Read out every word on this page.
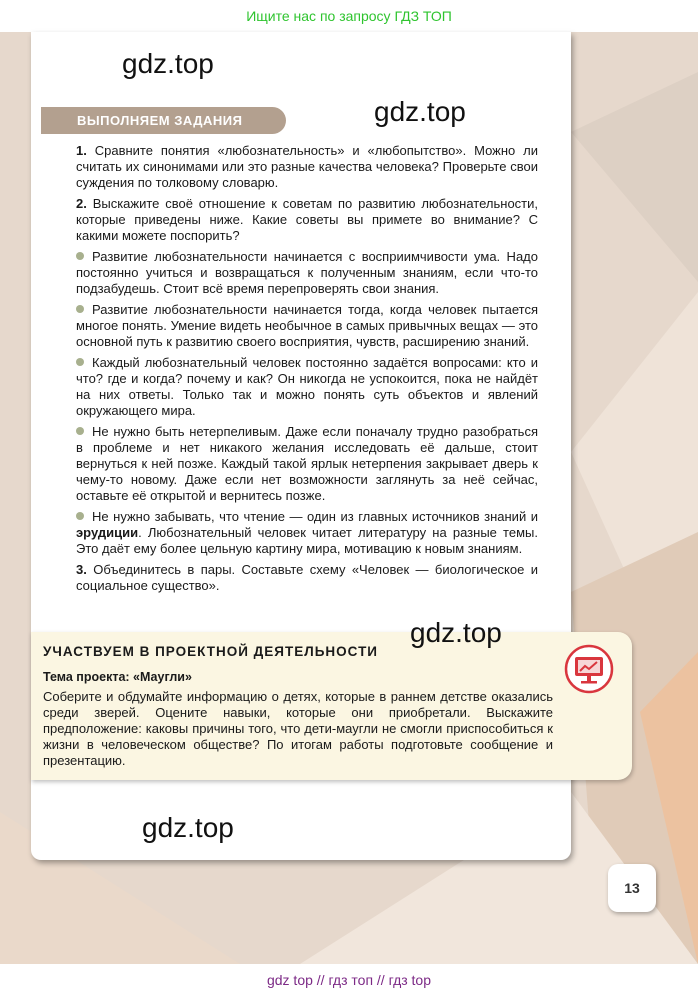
Ищите нас по запросу ГДЗ ТОП
gdz.top
gdz.top
ВЫПОЛНЯЕМ ЗАДАНИЯ

1. Сравните понятия «любознательность» и «любопытство». Можно ли считать их синонимами или это разные качества человека? Проверьте свои суждения по толковому словарю.

2. Выскажите своё отношение к советам по развитию любознательности, которые приведены ниже. Какие советы вы примете во внимание? С какими можете поспорить?

Развитие любознательности начинается с восприимчивости ума. Надо постоянно учиться и возвращаться к полученным знаниям, если что-то подзабудешь. Стоит всё время перепроверять свои знания.

Развитие любознательности начинается тогда, когда человек пытается многое понять. Умение видеть необычное в самых привычных вещах — это основной путь к развитию своего восприятия, чувств, расширению знаний.

Каждый любознательный человек постоянно задаётся вопросами: кто и что? где и когда? почему и как? Он никогда не успокоится, пока не найдёт на них ответы. Только так и можно понять суть объектов и явлений окружающего мира.

Не нужно быть нетерпеливым. Даже если поначалу трудно разобраться в проблеме и нет никакого желания исследовать её дальше, стоит вернуться к ней позже. Каждый такой ярлык нетерпения закрывает дверь к чему-то новому. Даже если нет возможности заглянуть за неё сейчас, оставьте её открытой и вернитесь позже.

Не нужно забывать, что чтение — один из главных источников знаний и эрудиции. Любознательный человек читает литературу на разные темы. Это даёт ему более цельную картину мира, мотивацию к новым знаниям.

3. Объединитесь в пары. Составьте схему «Человек — биологическое и социальное существо».

УЧАСТВУЕМ В ПРОЕКТНОЙ ДЕЯТЕЛЬНОСТИ
Тема проекта: «Маугли»
Соберите и обдумайте информацию о детях, которые в раннем детстве оказались среди зверей. Оцените навыки, которые они приобретали. Выскажите предположение: каковы причины того, что дети-маугли не смогли приспособиться к жизни в человеческом обществе? По итогам работы подготовьте сообщение и презентацию.
gdz.top
gdz.top
13
gdz top // гдз топ // гдз top
